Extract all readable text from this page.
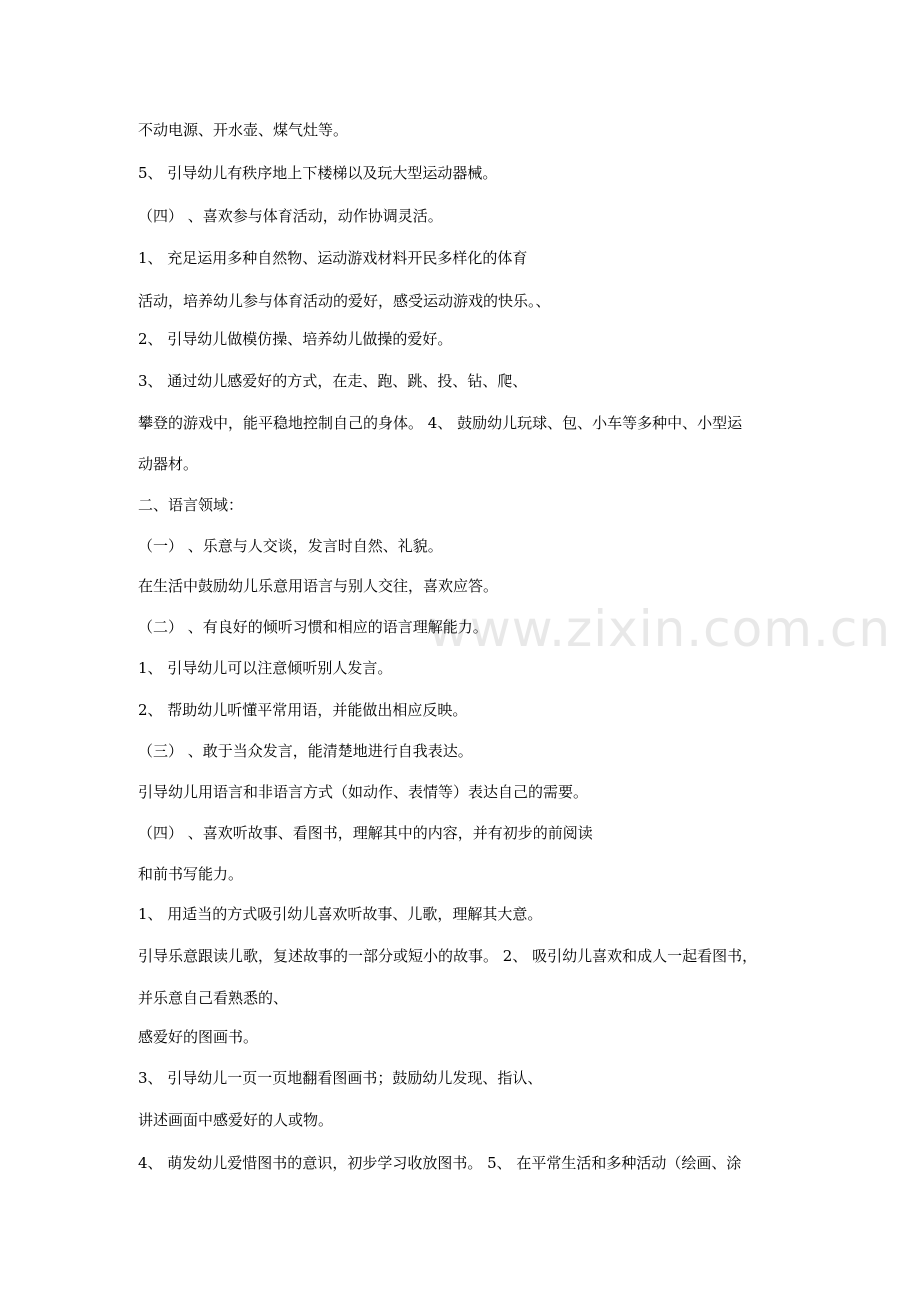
www.zixin.com.cn
不动电源、开水壶、煤气灶等。
5、 引导幼儿有秩序地上下楼梯以及玩大型运动器械。
（四） 、喜欢参与体育活动，动作协调灵活。
1、 充足运用多种自然物、运动游戏材料开民多样化的体育
活动，培养幼儿参与体育活动的爱好，感受运动游戏的快乐。、
2、 引导幼儿做模仿操、培养幼儿做操的爱好。
3、 通过幼儿感爱好的方式，在走、跑、跳、投、钻、爬、
攀登的游戏中，能平稳地控制自己的身体。 4、 鼓励幼儿玩球、包、小车等多种中、小型运
动器材。
二、语言领域：
（一） 、乐意与人交谈，发言时自然、礼貌。
在生活中鼓励幼儿乐意用语言与别人交往，喜欢应答。
（二） 、有良好的倾听习惯和相应的语言理解能力。
1、 引导幼儿可以注意倾听别人发言。
2、 帮助幼儿听懂平常用语，并能做出相应反映。
（三） 、敢于当众发言，能清楚地进行自我表达。
引导幼儿用语言和非语言方式（如动作、表情等）表达自己的需要。
（四） 、喜欢听故事、看图书，理解其中的内容，并有初步的前阅读
和前书写能力。
1、 用适当的方式吸引幼儿喜欢听故事、儿歌，理解其大意。
引导乐意跟读儿歌，复述故事的一部分或短小的故事。 2、 吸引幼儿喜欢和成人一起看图书，
并乐意自己看熟悉的、
感爱好的图画书。
3、 引导幼儿一页一页地翻看图画书；鼓励幼儿发现、指认、
讲述画面中感爱好的人或物。
4、 萌发幼儿爱惜图书的意识，初步学习收放图书。 5、 在平常生活和多种活动（绘画、涂
